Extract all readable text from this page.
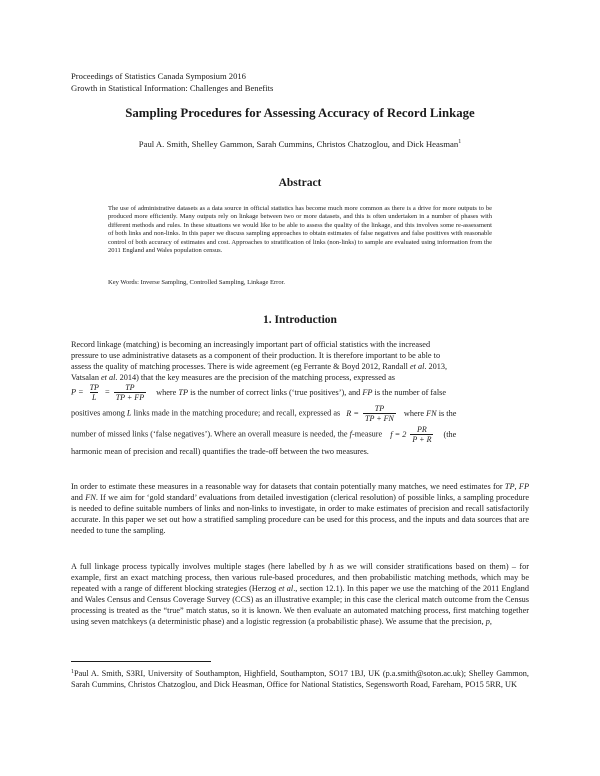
Proceedings of Statistics Canada Symposium 2016
Growth in Statistical Information: Challenges and Benefits
Sampling Procedures for Assessing Accuracy of Record Linkage
Paul A. Smith, Shelley Gammon, Sarah Cummins, Christos Chatzoglou, and Dick Heasman$^1$
Abstract
The use of administrative datasets as a data source in official statistics has become much more common as there is a drive for more outputs to be produced more efficiently. Many outputs rely on linkage between two or more datasets, and this is often undertaken in a number of phases with different methods and rules. In these situations we would like to be able to assess the quality of the linkage, and this involves some re-assessment of both links and non-links. In this paper we discuss sampling approaches to obtain estimates of false negatives and false positives with reasonable control of both accuracy of estimates and cost. Approaches to stratification of links (non-links) to sample are evaluated using information from the 2011 England and Wales population census.
Key Words: Inverse Sampling, Controlled Sampling, Linkage Error.
1. Introduction
Record linkage (matching) is becoming an increasingly important part of official statistics with the increased
pressure to use administrative datasets as a component of their production. It is therefore important to be able to
assess the quality of matching processes. There is wide agreement (eg Ferrante & Boyd 2012, Randall et al. 2013,
Vatsalan et al. 2014) that the key measures are the precision of the matching process, expressed as
$P = \frac{TP}{L} = \frac{TP}{TP + FP}$ where TP is the number of correct links (‘true positives’), and FP is the number of false
positives among L links made in the matching procedure; and recall, expressed as $R = \frac{TP}{TP + FN}$ where FN is the
number of missed links (‘false negatives’). Where an overall measure is needed, the f-measure $f = 2 \frac{PR}{P + R} (the$
harmonic mean of precision and recall) quantifies the trade-off between the two measures.

In order to estimate these measures in a reasonable way for datasets that contain potentially many matches, we need estimates for TP, FP and FN. If we aim for ‘gold standard’ evaluations from detailed investigation (clerical resolution) of possible links, a sampling procedure is needed to define suitable numbers of links and non-links to investigate, in order to make estimates of precision and recall satisfactorily accurate. In this paper we set out how a stratified sampling procedure can be used for this process, and the inputs and data sources that are needed to tune the sampling.

A full linkage process typically involves multiple stages (here labelled by h as we will consider stratifications based on them) – for example, first an exact matching process, then various rule-based procedures, and then probabilistic matching methods, which may be repeated with a range of different blocking strategies (Herzog et al., section 12.1). In this paper we use the matching of the 2011 England and Wales Census and Census Coverage Survey (CCS) as an illustrative example; in this case the clerical match outcome from the Census processing is treated as the “true” match status, so it is known. We then evaluate an automated matching process, first matching together using seven matchkeys (a deterministic phase) and a logistic regression (a probabilistic phase). We assume that the precision, p,

$^1$Paul A. Smith, S3RI, University of Southampton, Highfield, Southampton, SO17 1BJ, UK (p.a.smith@soton.ac.uk); Shelley Gammon, Sarah Cummins, Christos Chatzoglou, and Dick Heasman, Office for National Statistics, Segensworth Road, Fareham, PO15 5RR, UK
